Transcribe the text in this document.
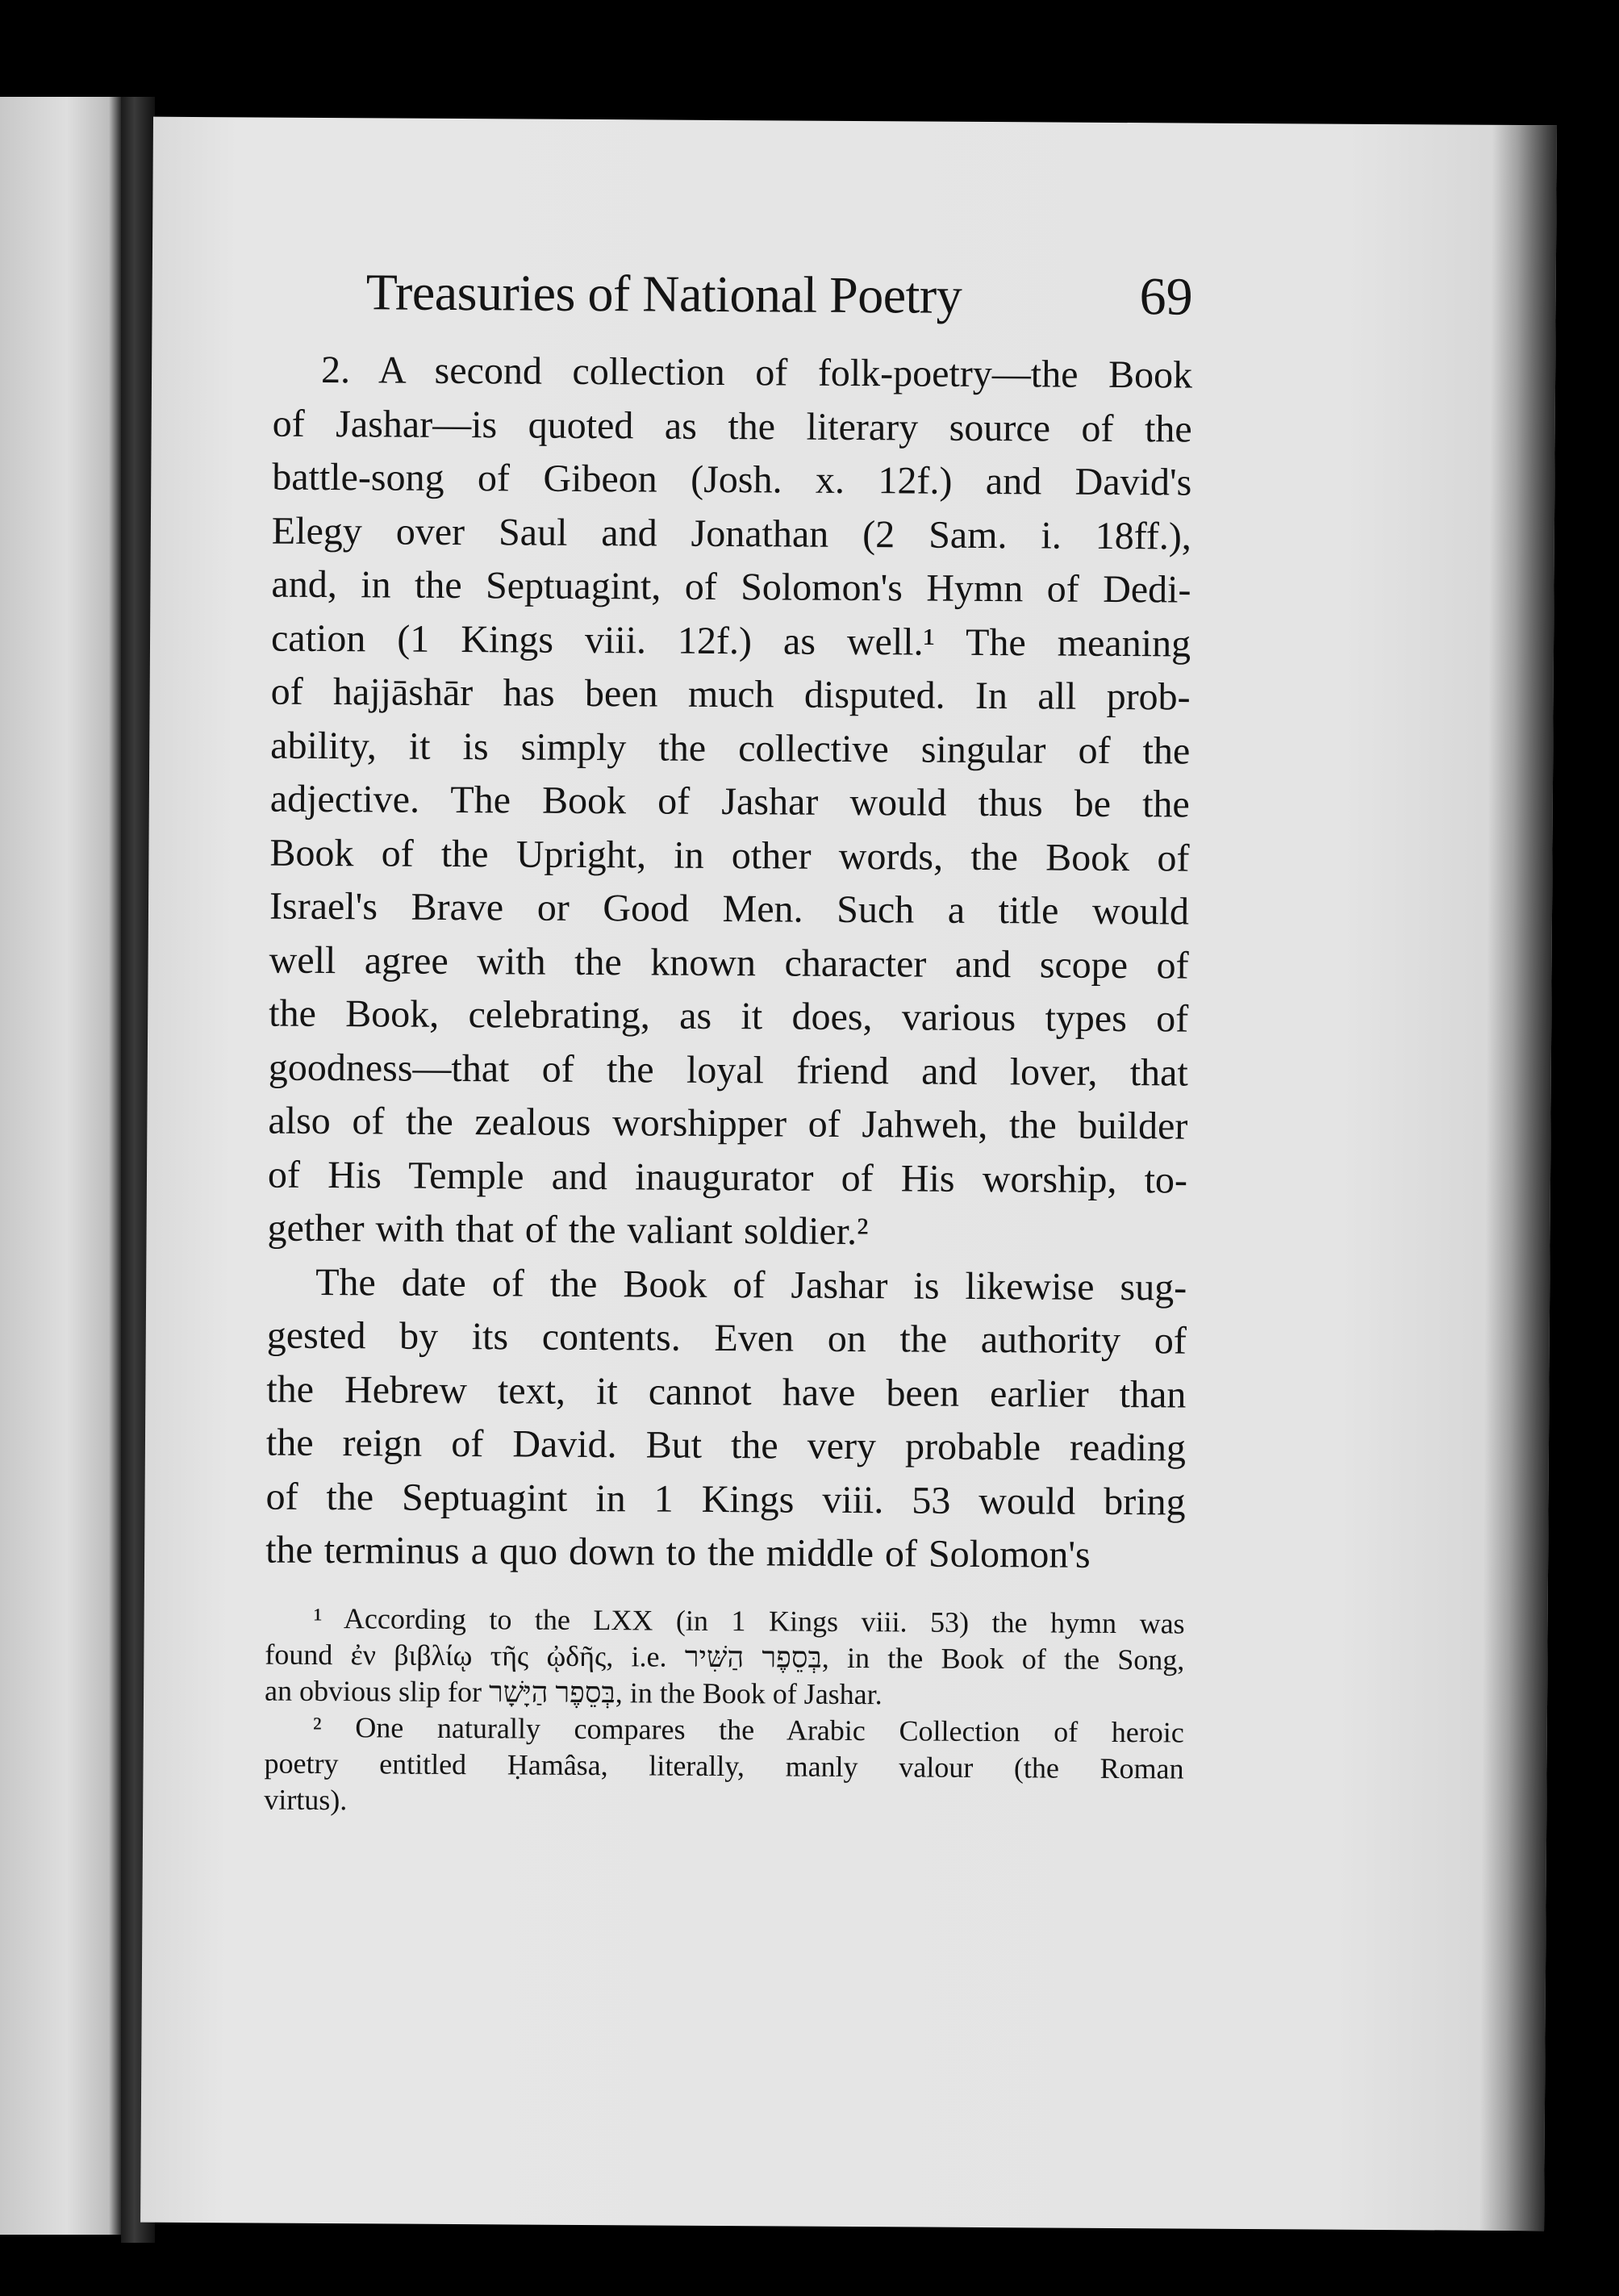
Treasuries of National Poetry	69
2. A second collection of folk-poetry—the Book
of Jashar—is quoted as the literary source of the
battle-song of Gibeon (Josh. x. 12f.) and David's
Elegy over Saul and Jonathan (2 Sam. i. 18ff.),
and, in the Septuagint, of Solomon's Hymn of Dedi-
cation (1 Kings viii. 12f.) as well.¹ The meaning
of hajjāshār has been much disputed. In all prob-
ability, it is simply the collective singular of the
adjective. The Book of Jashar would thus be the
Book of the Upright, in other words, the Book of
Israel's Brave or Good Men. Such a title would
well agree with the known character and scope of
the Book, celebrating, as it does, various types of
goodness—that of the loyal friend and lover, that
also of the zealous worshipper of Jahweh, the builder
of His Temple and inaugurator of His worship, to-
gether with that of the valiant soldier.²
The date of the Book of Jashar is likewise sug-
gested by its contents. Even on the authority of
the Hebrew text, it cannot have been earlier than
the reign of David. But the very probable reading
of the Septuagint in 1 Kings viii. 53 would bring
the terminus a quo down to the middle of Solomon's
¹ According to the LXX (in 1 Kings viii. 53) the hymn was
found ἐν βιβλίῳ τῆς ᾠδῆς, i.e. בְּסֵפֶר הַשִּׁיר, in the Book of the Song,
an obvious slip for בְּסֵפֶר הַיָּשָׁר, in the Book of Jashar.
² One naturally compares the Arabic Collection of heroic
poetry entitled Ḥamâsa, literally, manly valour (the Roman
virtus).
